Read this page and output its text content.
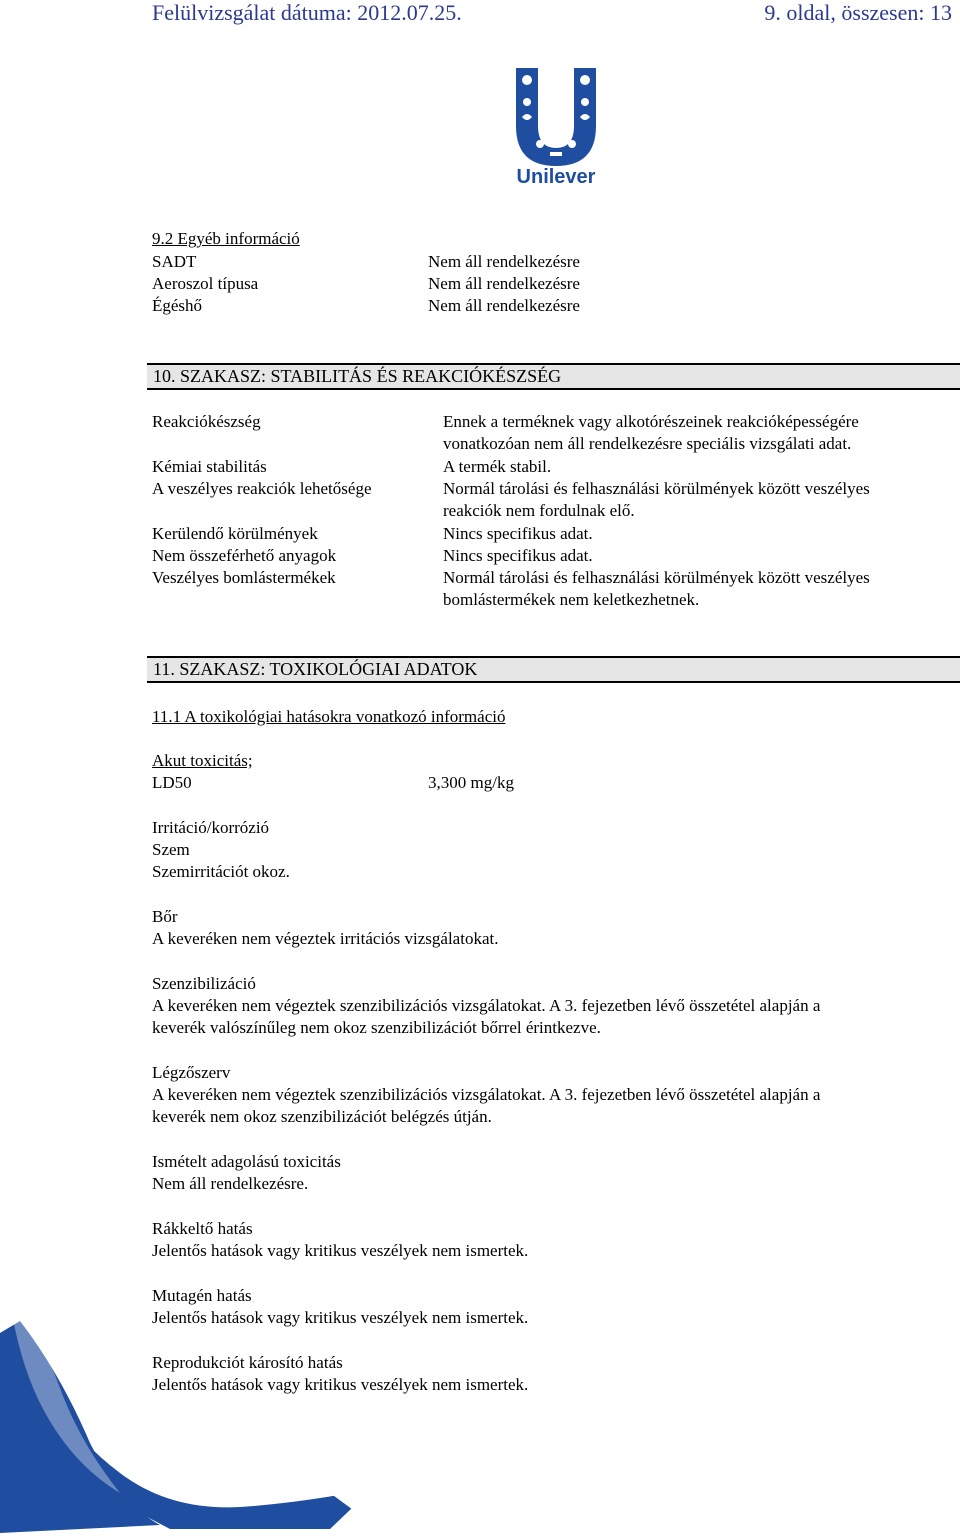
Felülvizsgálat dátuma: 2012.07.25.	9. oldal, összesen: 13
Unilever
9.2 Egyéb információ
SADT	Nem áll rendelkezésre
Aeroszol típusa	Nem áll rendelkezésre
Égéshő	Nem áll rendelkezésre
10. SZAKASZ: STABILITÁS ÉS REAKCIÓKÉSZSÉG
Reakciókészség	Ennek a terméknek vagy alkotórészeinek reakcióképességére
vonatkozóan nem áll rendelkezésre speciális vizsgálati adat.
Kémiai stabilitás	A termék stabil.
A veszélyes reakciók lehetősége	Normál tárolási és felhasználási körülmények között veszélyes
reakciók nem fordulnak elő.
Kerülendő körülmények	Nincs specifikus adat.
Nem összeférhető anyagok	Nincs specifikus adat.
Veszélyes bomlástermékek	Normál tárolási és felhasználási körülmények között veszélyes
bomlástermékek nem keletkezhetnek.
11. SZAKASZ: TOXIKOLÓGIAI ADATOK
11.1 A toxikológiai hatásokra vonatkozó információ
Akut toxicitás;
LD50	3,300 mg/kg
Irritáció/korrózió
Szem
Szemirritációt okoz.
Bőr
A keveréken nem végeztek irritációs vizsgálatokat.
Szenzibilizáció
A keveréken nem végeztek szenzibilizációs vizsgálatokat. A 3. fejezetben lévő összetétel alapján a
keverék valószínűleg nem okoz szenzibilizációt bőrrel érintkezve.
Légzőszerv
A keveréken nem végeztek szenzibilizációs vizsgálatokat. A 3. fejezetben lévő összetétel alapján a
keverék nem okoz szenzibilizációt belégzés útján.
Ismételt adagolású toxicitás
Nem áll rendelkezésre.
Rákkeltő hatás
Jelentős hatások vagy kritikus veszélyek nem ismertek.
Mutagén hatás
Jelentős hatások vagy kritikus veszélyek nem ismertek.
Reprodukciót károsító hatás
Jelentős hatások vagy kritikus veszélyek nem ismertek.
